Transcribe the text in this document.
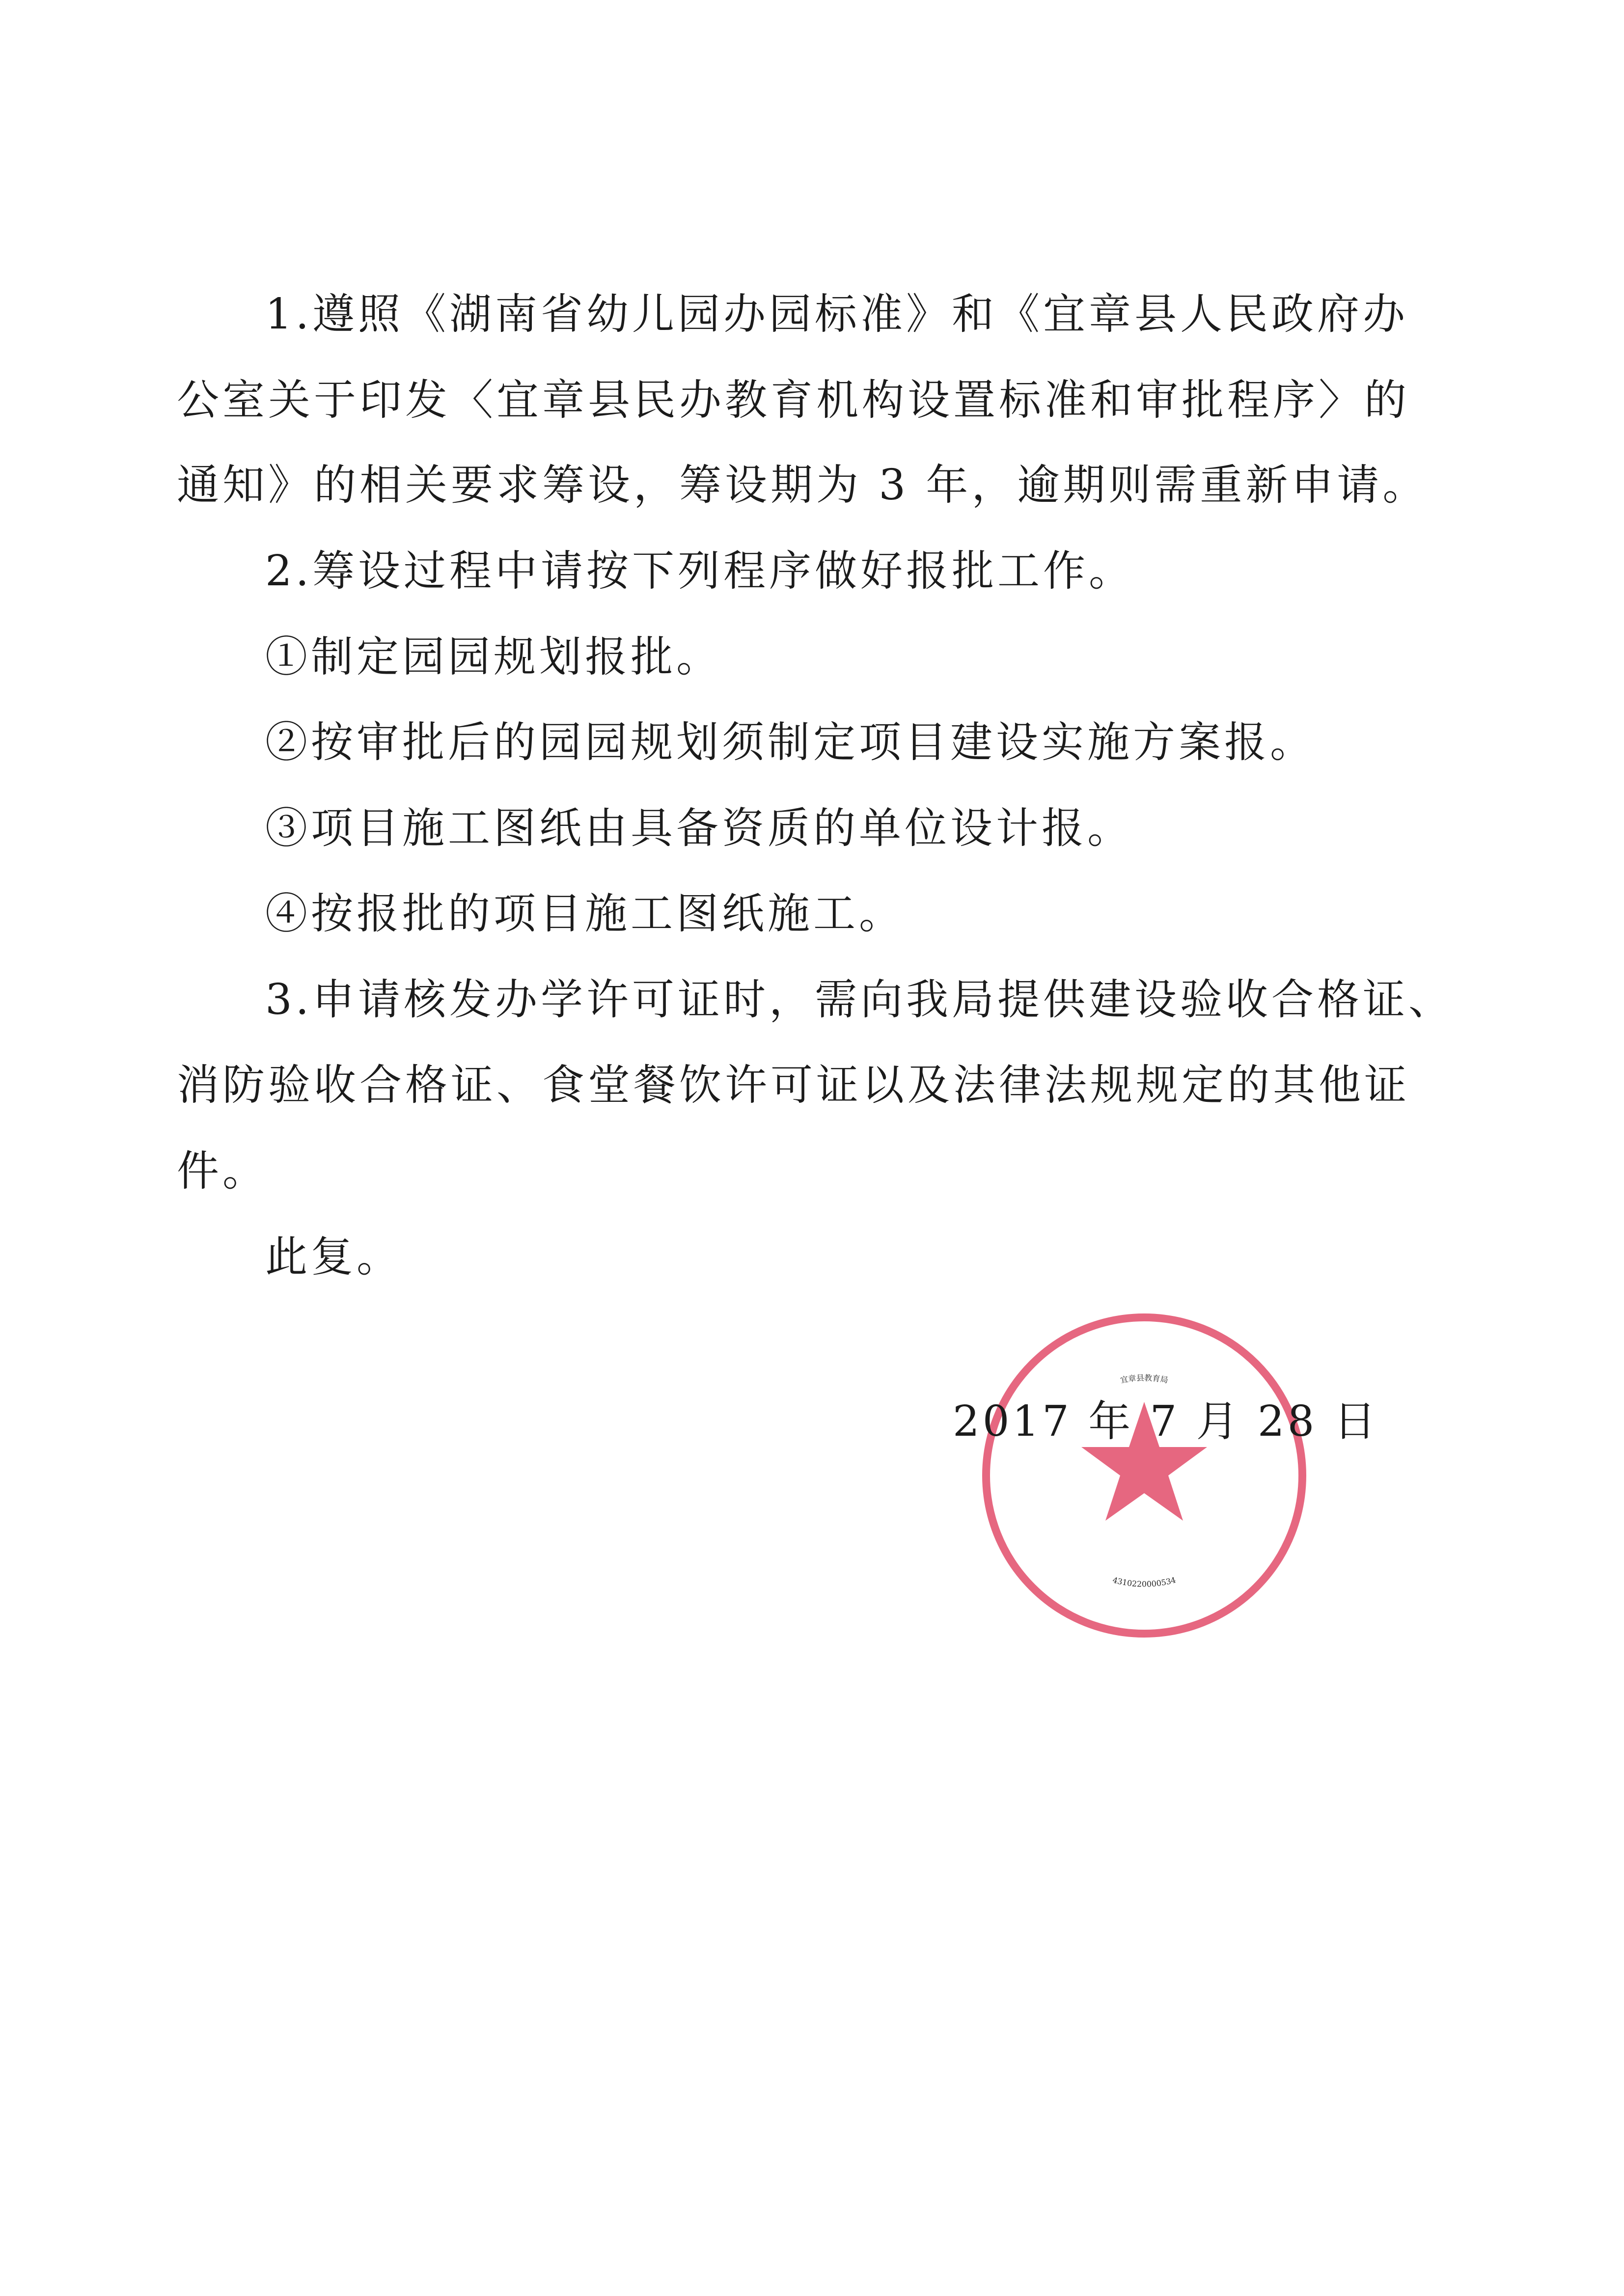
1.遵照《湖南省幼儿园办园标准》和《宜章县人民政府办
公室关于印发〈宜章县民办教育机构设置标准和审批程序〉的
通知》的相关要求筹设，筹设期为 3 年，逾期则需重新申请。
2.筹设过程中请按下列程序做好报批工作。
①制定园园规划报批。
②按审批后的园园规划须制定项目建设实施方案报。
③项目施工图纸由具备资质的单位设计报。
④按报批的项目施工图纸施工。
3.申请核发办学许可证时，需向我局提供建设验收合格证、
消防验收合格证、食堂餐饮许可证以及法律法规规定的其他证
件。
此复。
宜章县教育局
4310220000534
2017 年 7 月 28 日
